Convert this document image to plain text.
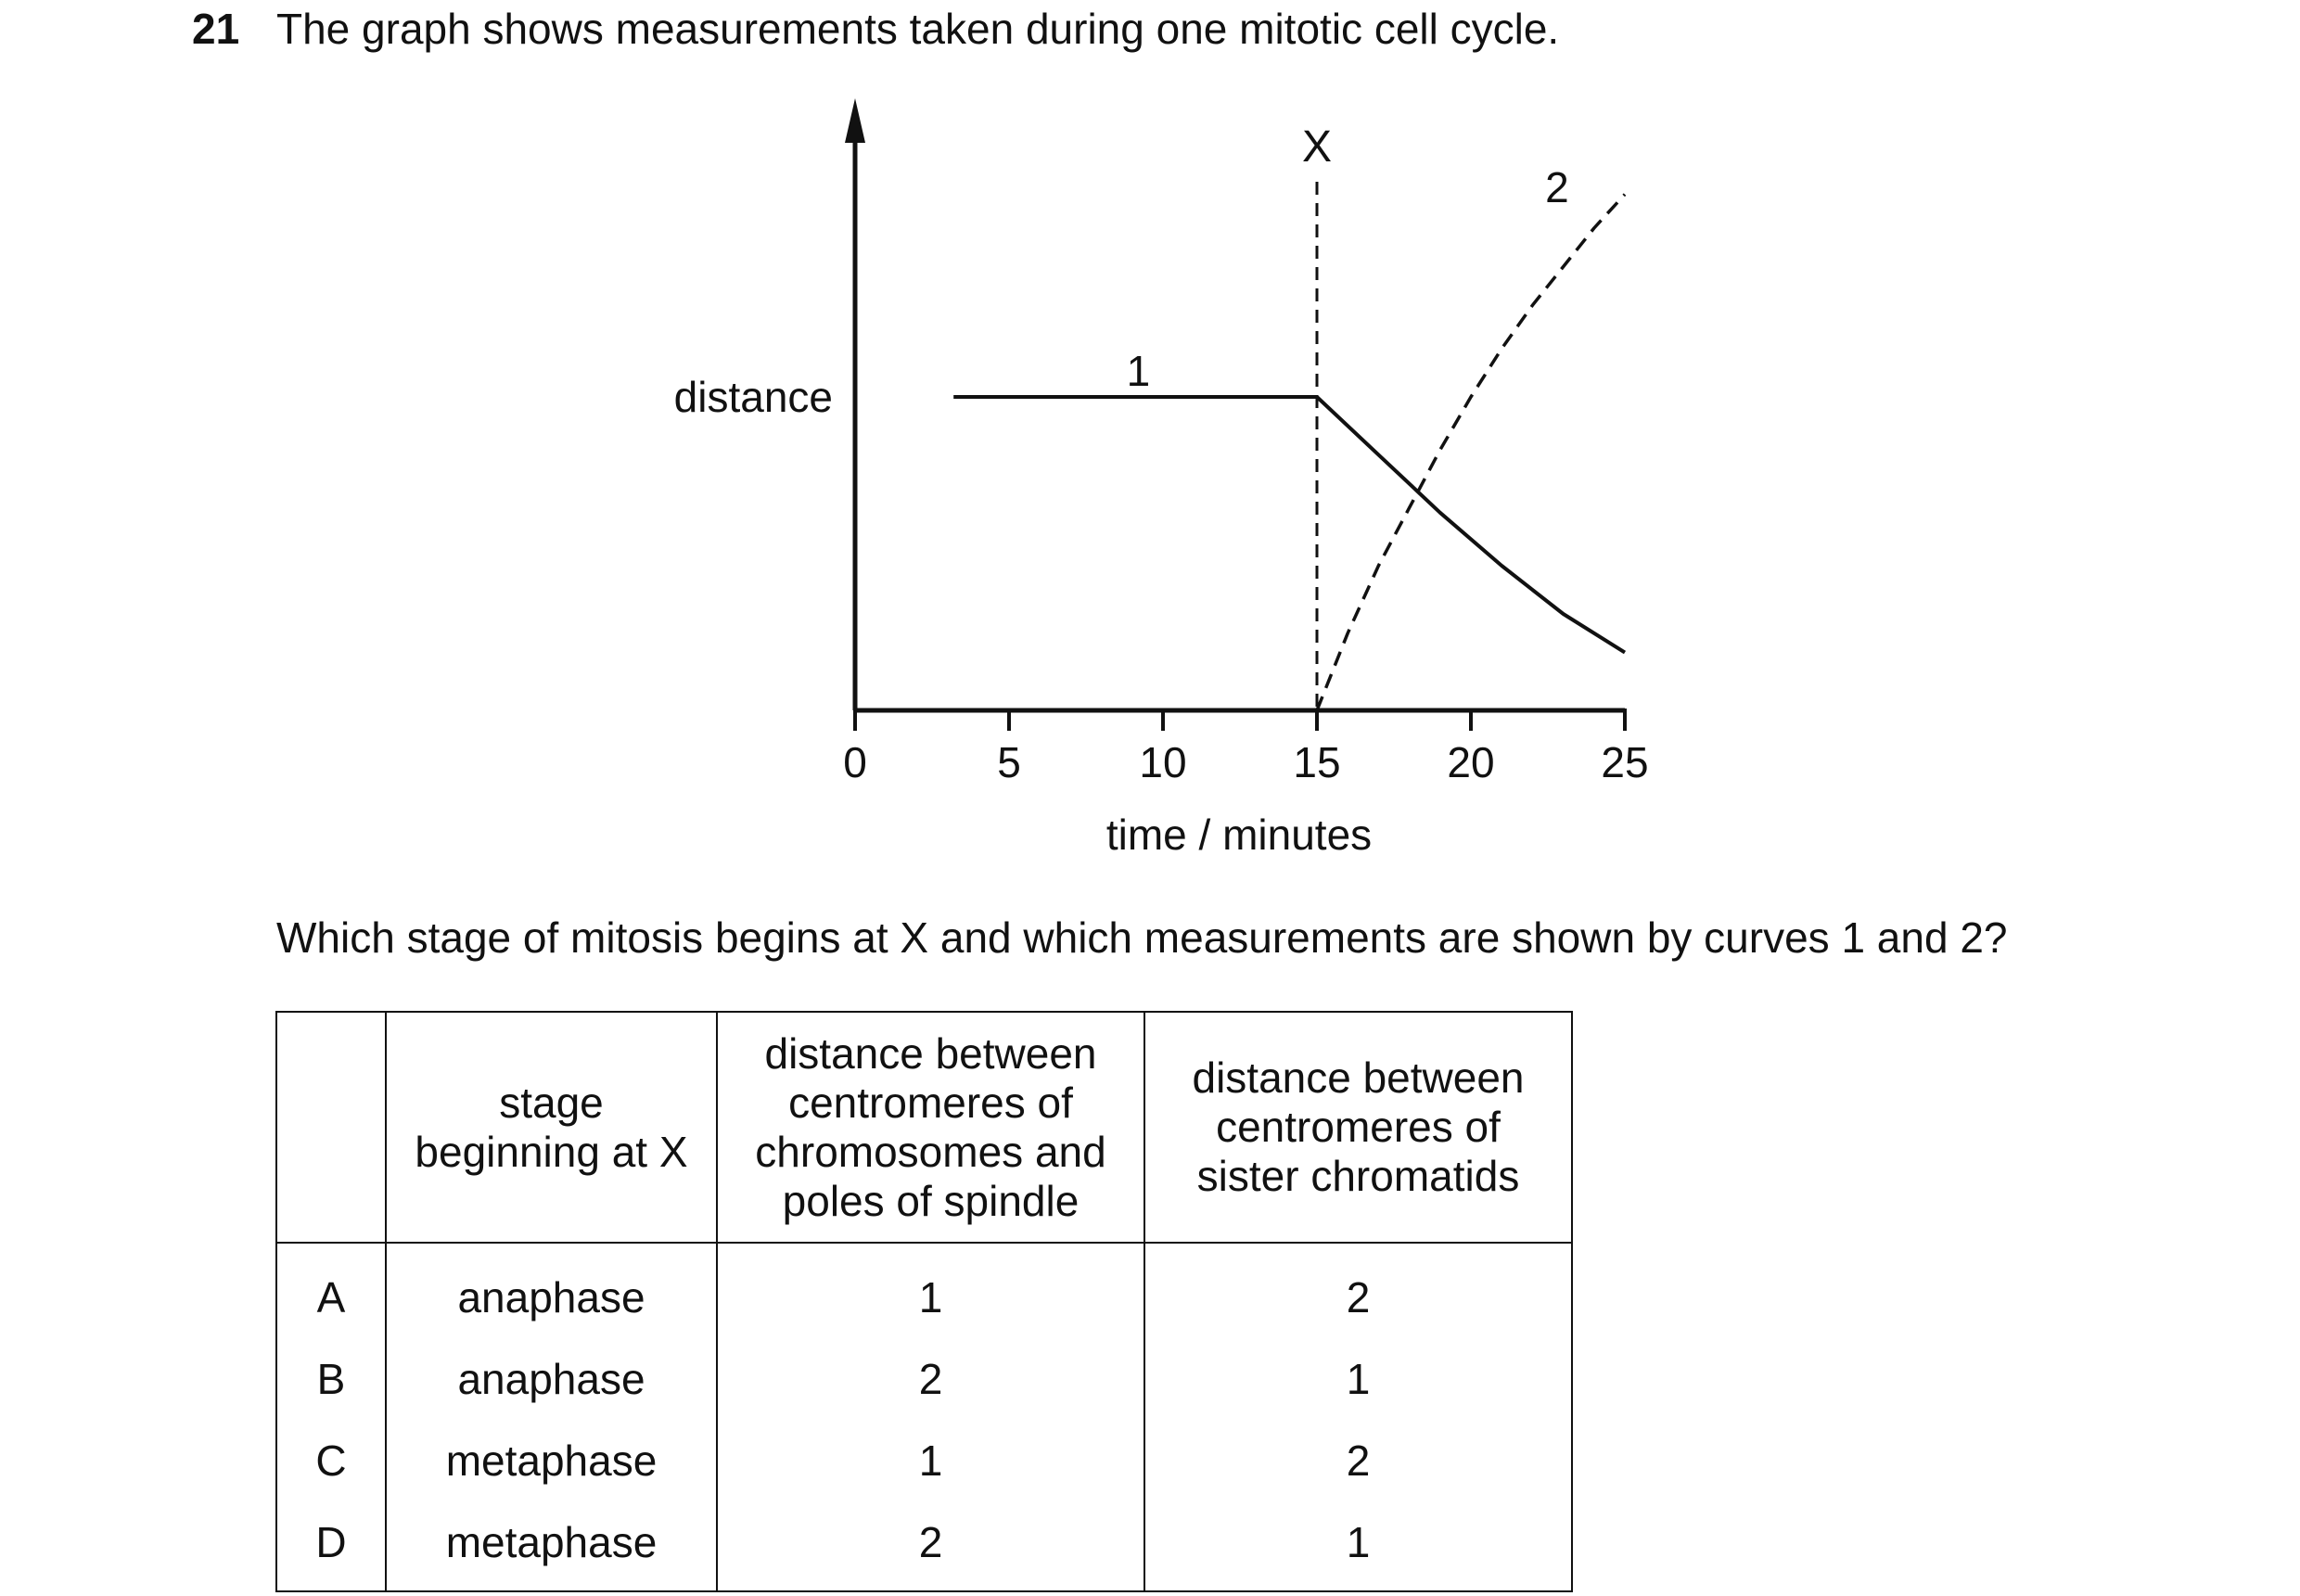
21 The graph shows measurements taken during one mitotic cell cycle.
0	5	10 15 20 25
1
2
X
distance
time / minutes
Which stage of mitosis begins at X and which measurements are shown by curves 1 and 2?
	stage beginning at X	distance between centromeres of chromosomes and poles of spindle	distance between centromeres of sister chromatids
A	anaphase	1	2
B	anaphase	2	1
C	metaphase	1	2
D	metaphase	2	1
